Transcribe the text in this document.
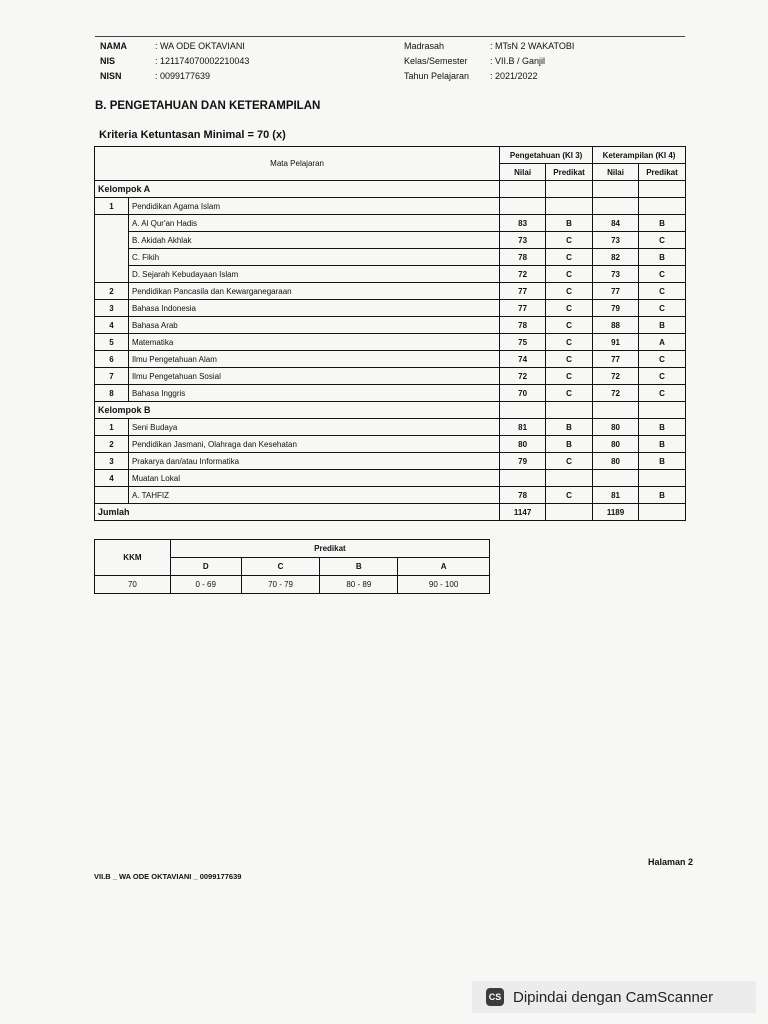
NAMA	: WA ODE OKTAVIANI
NIS	: 121174070002210043
NISN	: 0099177639
Madrasah	: MTsN 2 WAKATOBI
Kelas/Semester : VII.B / Ganjil
Tahun Pelajaran : 2021/2022
B. PENGETAHUAN DAN KETERAMPILAN
Kriteria Ketuntasan Minimal = 70 (x)
Mata Pelajaran		Pengetahuan (KI 3)		Keterampilan (KI 4)	
		Nilai	Predikat	Nilai	Predikat
Kelompok A					
1	Pendidikan Agama Islam				
	A. Al Qur'an Hadis	83	B	84	B
	B. Akidah Akhlak	73	C	73	C
	C. Fikih	78	C	82	B
	D. Sejarah Kebudayaan Islam	72	C	73	C
2	Pendidikan Pancasila dan Kewarganegaraan	77	C	77	C
3	Bahasa Indonesia	77	C	79	C
4	Bahasa Arab	78	C	88	B
5	Matematika	75	C	91	A
6	Ilmu Pengetahuan Alam	74	C	77	C
7	Ilmu Pengetahuan Sosial	72	C	72	C
8	Bahasa Inggris	70	C	72	C
Kelompok B					
1	Seni Budaya	81	B	80	B
2	Pendidikan Jasmani, Olahraga dan Kesehatan	80	B	80	B
3	Prakarya dan/atau Informatika	79	C	80	B
4	Muatan Lokal				
	A. TAHFIZ	78	C	81	B
Jumlah		1147		1189	
KKM	Predikat			
	D	C	B	A
70	0 - 69	70 - 79	80 - 89	90 - 100
Halaman 2
VII.B _ WA ODE OKTAVIANI _ 0099177639
CS Dipindai dengan CamScanner
